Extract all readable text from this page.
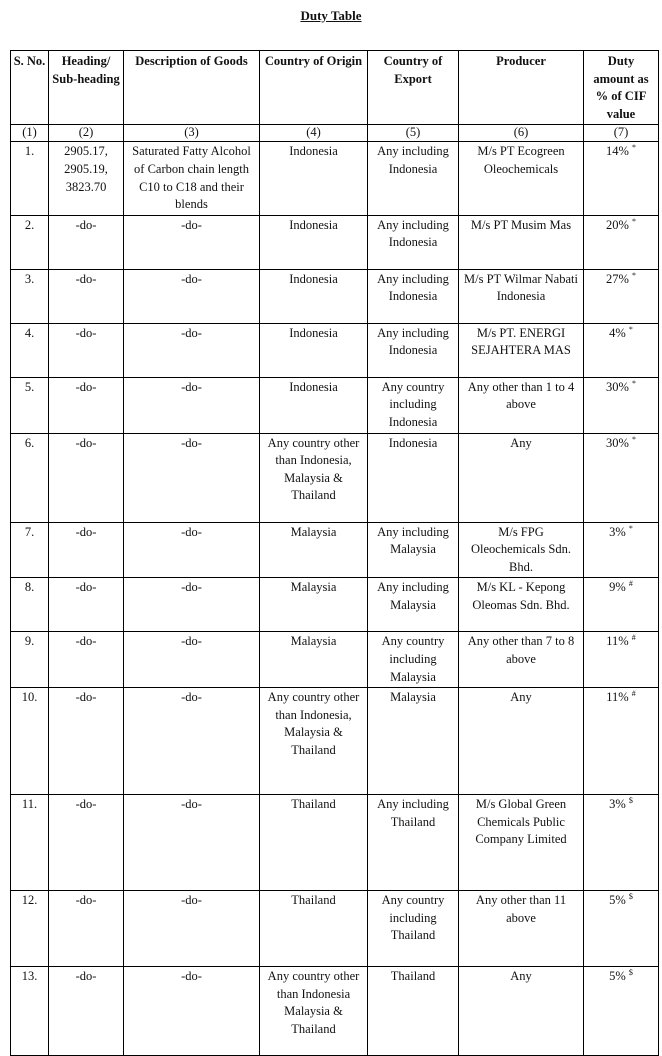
Duty Table
S. No.	Heading/ Sub-heading	Description of Goods	Country of Origin	Country of Export	Producer	Duty amount as % of CIF value
(1)	(2)	(3)	(4)	(5)	(6)	(7)
1.	2905.17, 2905.19, 3823.70	Saturated Fatty Alcohol of Carbon chain length C10 to C18 and their blends	Indonesia	Any including Indonesia	M/s PT Ecogreen Oleochemicals	14% *
2.	-do-	-do-	Indonesia	Any including Indonesia	M/s PT Musim Mas	20% *
3.	-do-	-do-	Indonesia	Any including Indonesia	M/s PT Wilmar Nabati Indonesia	27% *
4.	-do-	-do-	Indonesia	Any including Indonesia	M/s PT. ENERGI SEJAHTERA MAS	4% *
5.	-do-	-do-	Indonesia	Any country including Indonesia	Any other than 1 to 4 above	30% *
6.	-do-	-do-	Any country other than Indonesia, Malaysia & Thailand	Indonesia	Any	30% *
7.	-do-	-do-	Malaysia	Any including Malaysia	M/s FPG Oleochemicals Sdn. Bhd.	3% *
8.	-do-	-do-	Malaysia	Any including Malaysia	M/s KL - Kepong Oleomas Sdn. Bhd.	9% #
9.	-do-	-do-	Malaysia	Any country including Malaysia	Any other than 7 to 8 above	11% #
10.	-do-	-do-	Any country other than Indonesia, Malaysia & Thailand	Malaysia	Any	11% #
11.	-do-	-do-	Thailand	Any including Thailand	M/s Global Green Chemicals Public Company Limited	3% $
12.	-do-	-do-	Thailand	Any country including Thailand	Any other than 11 above	5% $
13.	-do-	-do-	Any country other than Indonesia Malaysia & Thailand	Thailand	Any	5% $
